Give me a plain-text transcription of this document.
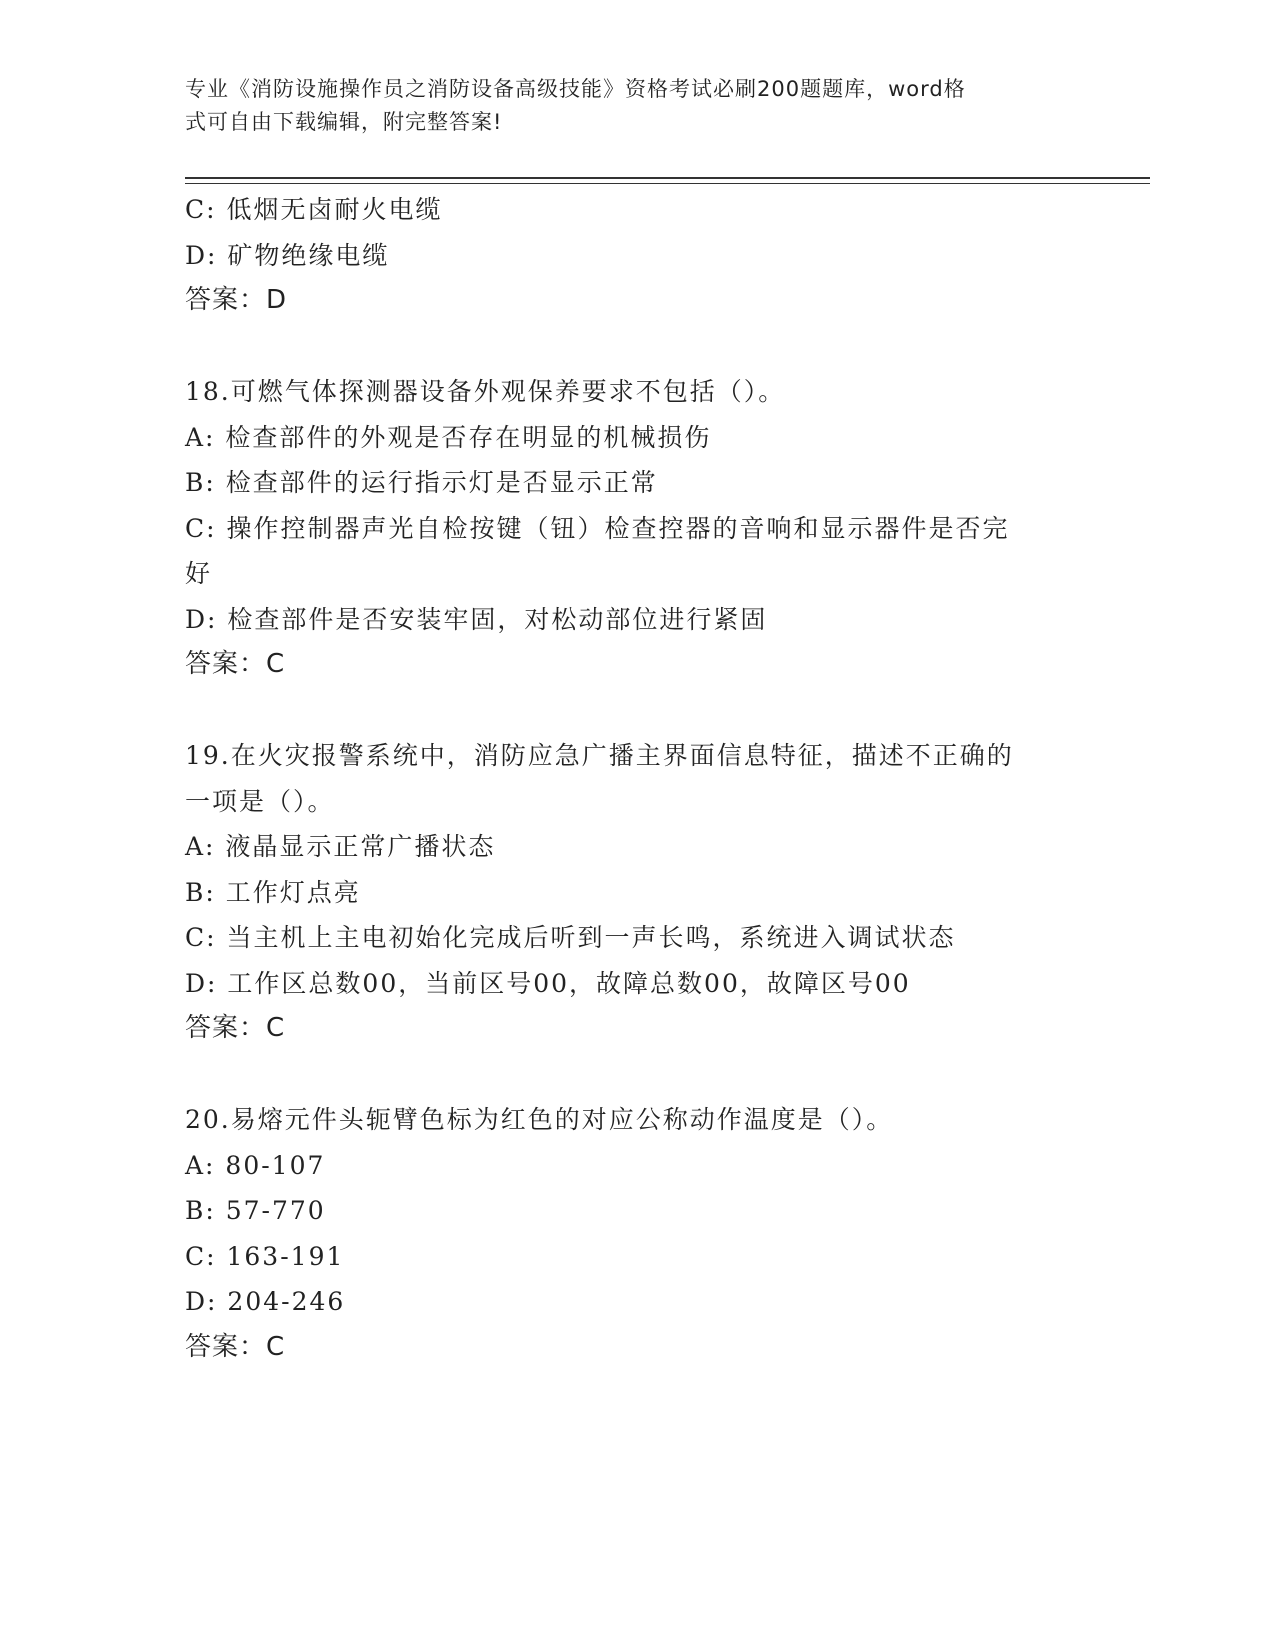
专业《消防设施操作员之消防设备高级技能》资格考试必刷200题题库，word格
式可自由下载编辑，附完整答案!
C: 低烟无卤耐火电缆
D: 矿物绝缘电缆
答案：D
18.可燃气体探测器设备外观保养要求不包括（）。
A: 检查部件的外观是否存在明显的机械损伤
B: 检查部件的运行指示灯是否显示正常
C: 操作控制器声光自检按键（钮）检查控器的音响和显示器件是否完
好
D: 检查部件是否安装牢固，对松动部位进行紧固
答案：C
19.在火灾报警系统中，消防应急广播主界面信息特征，描述不正确的
一项是（）。
A: 液晶显示正常广播状态
B: 工作灯点亮
C: 当主机上主电初始化完成后听到一声长鸣，系统进入调试状态
D: 工作区总数00，当前区号00，故障总数00，故障区号00
答案：C
20.易熔元件头轭臂色标为红色的对应公称动作温度是（）。
A: 80-107
B: 57-770
C: 163-191
D: 204-246
答案：C
